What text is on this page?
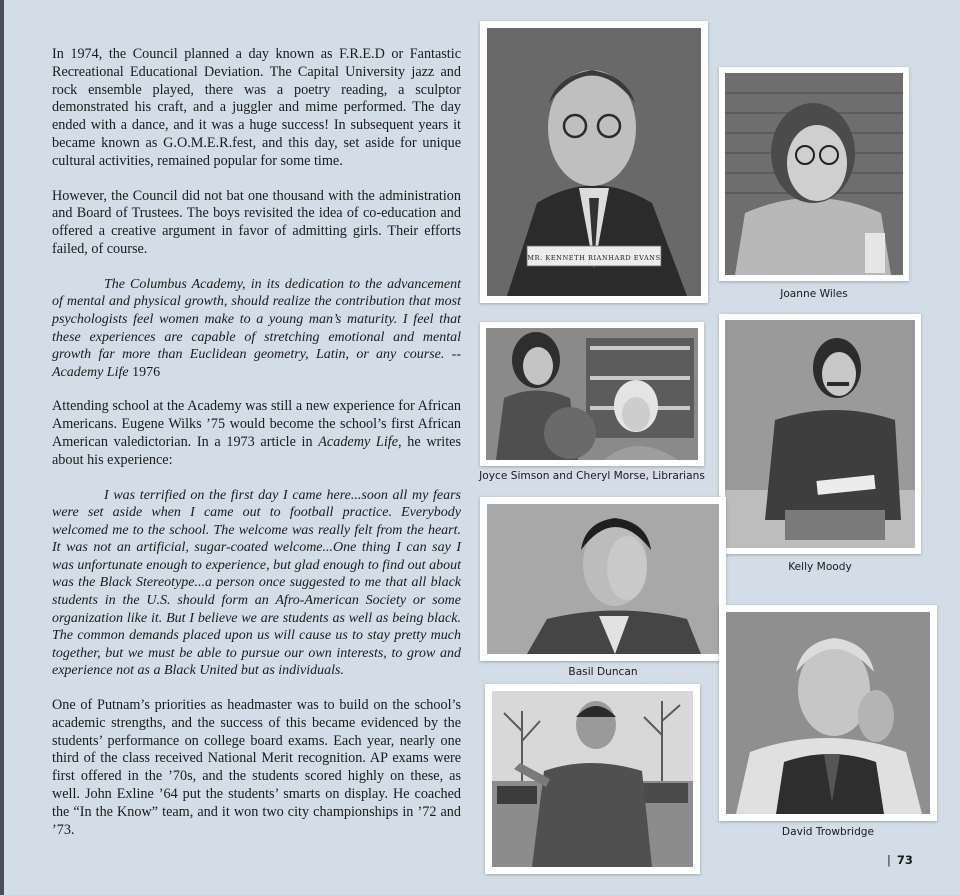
In 1974, the Council planned a day known as F.R.E.D or Fantastic Recreational Educational Deviation. The Capital University jazz and rock ensemble played, there was a poetry reading, a sculptor demonstrated his craft, and a juggler and mime performed. The day ended with a dance, and it was a huge success! In subsequent years it became known as G.O.M.E.R.fest, and this day, set aside for unique cultural activities, remained popular for some time.

However, the Council did not bat one thousand with the administration and Board of Trustees. The boys revisited the idea of co-education and offered a creative argument in favor of admitting girls. Their efforts failed, of course.

The Columbus Academy, in its dedication to the advancement of mental and physical growth, should realize the contribution that most psychologists feel women make to a young man’s maturity. I feel that these experiences are capable of stretching emotional and mental growth far more than Euclidean geometry, Latin, or any course. --Academy Life 1976

Attending school at the Academy was still a new experience for African Americans. Eugene Wilks ’75 would become the school’s first African American valedictorian. In a 1973 article in Academy Life, he writes about his experience:

I was terrified on the first day I came here...soon all my fears were set aside when I came out to football practice. Everybody welcomed me to the school. The welcome was really felt from the heart. It was not an artificial, sugar-coated welcome...One thing I can say I was unfortunate enough to experience, but glad enough to find out about was the Black Stereotype...a person once suggested to me that all black students in the U.S. should form an Afro-American Society or some organization like it. But I believe we are students as well as being black. The common demands placed upon us will cause us to stay pretty much together, but we must be able to pursue our own interests, to grow and experience not as a Black United but as individuals.

One of Putnam’s priorities as headmaster was to build on the school’s academic strengths, and the success of this became evidenced by the students’ performance on college board exams. Each year, nearly one third of the class received National Merit recognition. AP exams were first offered in the ’70s, and the students scored highly on these, as well. John Exline ’64 put the students’ smarts on display. He coached the “In the Know” team, and it won two city championships in ’72 and ’73.

MR. KENNETH RIANHARD EVANS
Joanne Wiles
Joyce Simson and Cheryl Morse, Librarians
Kelly Moody
Basil Duncan
David Trowbridge
| 73
